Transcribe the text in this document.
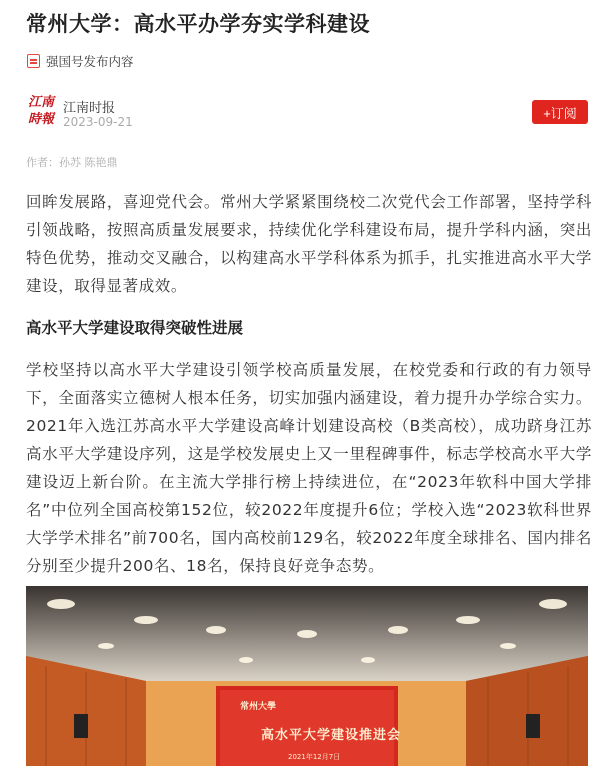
常州大学：高水平办学夯实学科建设
强国号发布内容
江南
時報
江南时报
2023-09-21
+订阅
作者：孙苏 陈艳鼎

回眸发展路，喜迎党代会。常州大学紧紧围绕校二次党代会工作部署，坚持学科引领战略，按照高质量发展要求，持续优化学科建设布局，提升学科内涵，突出特色优势，推动交叉融合，以构建高水平学科体系为抓手，扎实推进高水平大学建设，取得显著成效。

高水平大学建设取得突破性进展

学校坚持以高水平大学建设引领学校高质量发展，在校党委和行政的有力领导下，全面落实立德树人根本任务，切实加强内涵建设，着力提升办学综合实力。2021年入选江苏高水平大学建设高峰计划建设高校（B类高校），成功跻身江苏高水平大学建设序列，这是学校发展史上又一里程碑事件，标志学校高水平大学建设迈上新台阶。在主流大学排行榜上持续进位，在“2023年软科中国大学排名”中位列全国高校第152位，较2022年度提升6位；学校入选“2023软科世界大学学术排名”前700名，国内高校前129名，较2022年度全球排名、国内排名分别至少提升200名、18名，保持良好竞争态势。

常州大學
高水平大学建设推进会
2021年12月7日
